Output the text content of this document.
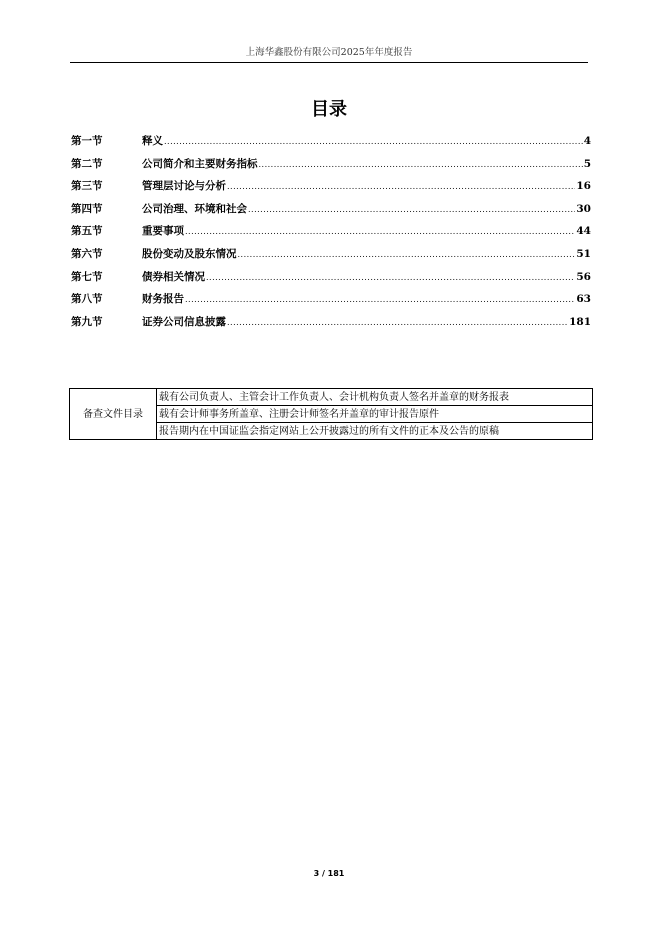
上海华鑫股份有限公司2025年年度报告
目录
第一节	释义 .....	4
第二节	公司简介和主要财务指标 .....	5
第三节	管理层讨论与分析 .....	16
第四节	公司治理、环境和社会 .....	30
第五节	重要事项 .....	44
第六节	股份变动及股东情况 .....	51
第七节	债券相关情况 .....	56
第八节	财务报告 .....	63
第九节	证券公司信息披露 .....	181
备查文件目录	载有公司负责人、主管会计工作负责人、会计机构负责人签名并盖章的财务报表
载有会计师事务所盖章、注册会计师签名并盖章的审计报告原件
报告期内在中国证监会指定网站上公开披露过的所有文件的正本及公告的原稿
3 / 181
